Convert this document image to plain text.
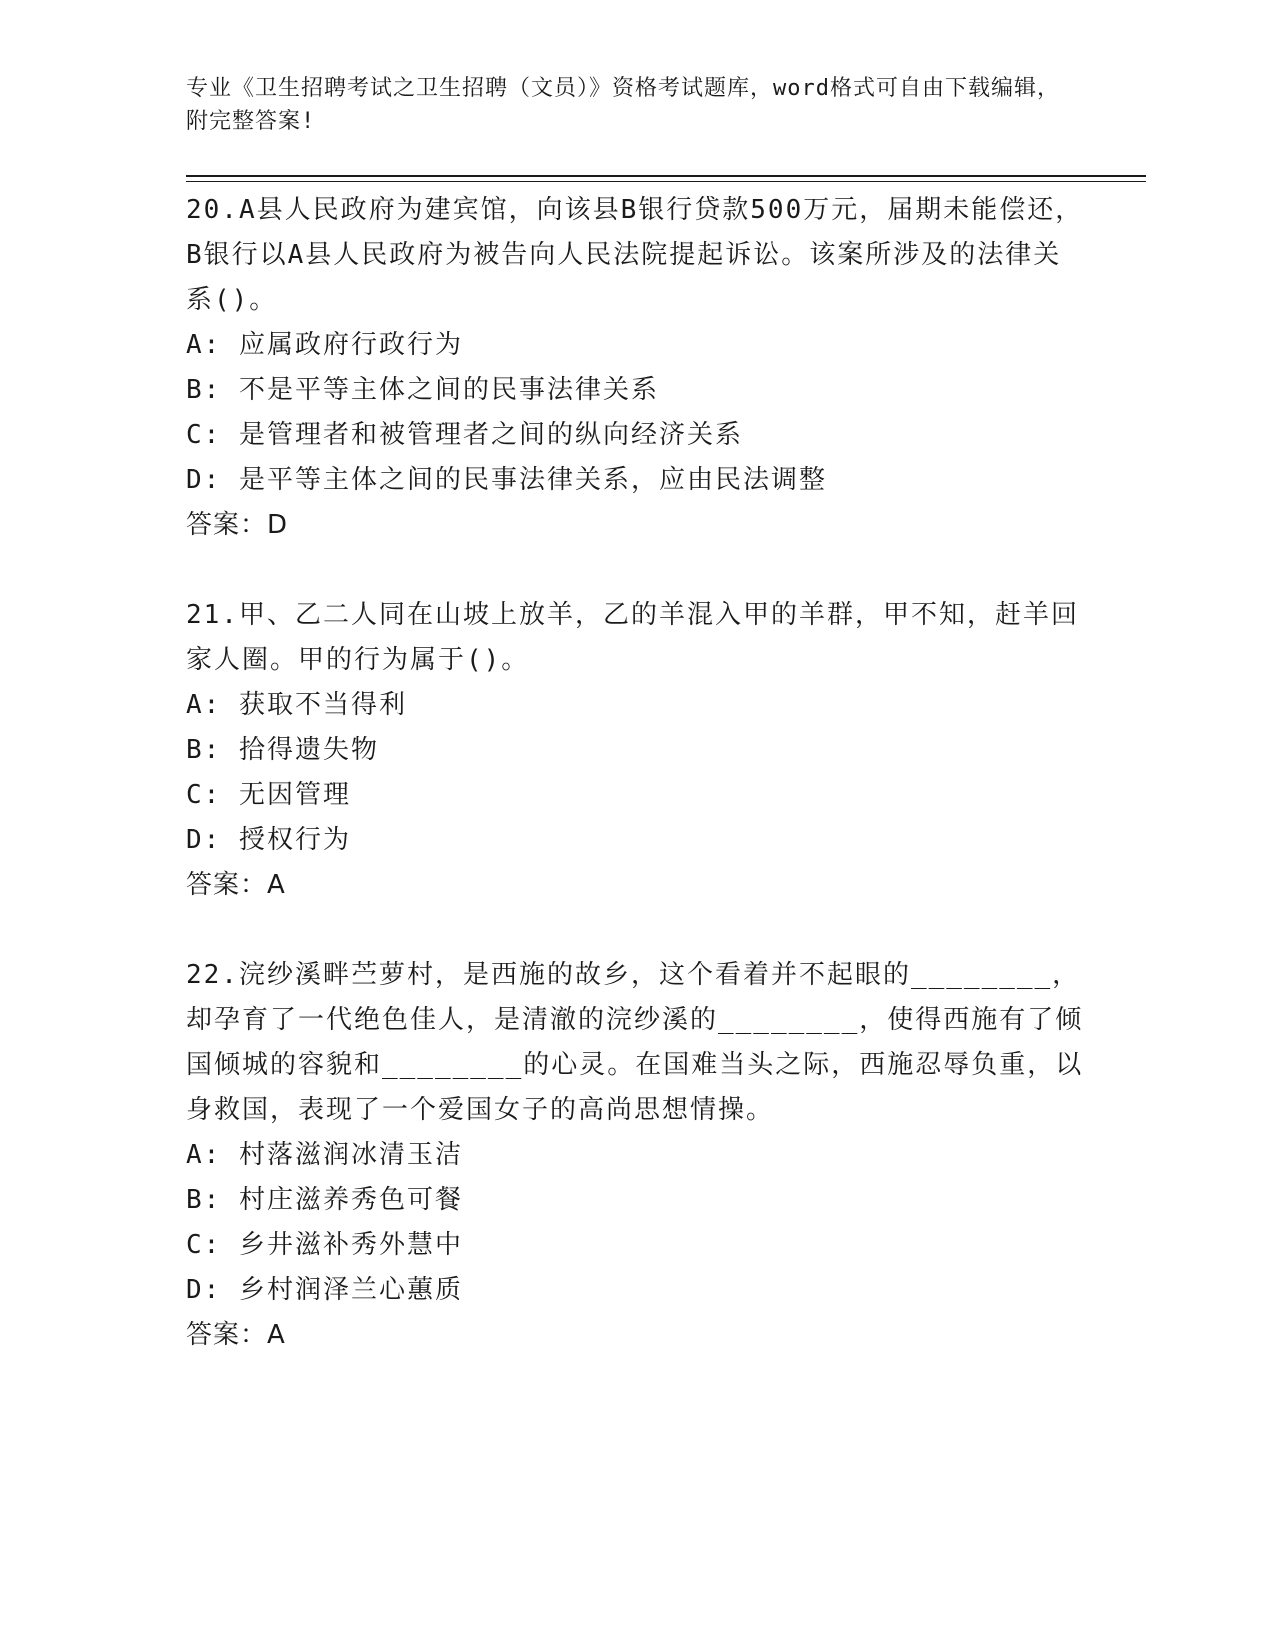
专业《卫生招聘考试之卫生招聘（文员）》资格考试题库，word格式可自由下载编辑，附完整答案!

20.A县人民政府为建宾馆，向该县B银行贷款500万元，届期未能偿还，B银行以A县人民政府为被告向人民法院提起诉讼。该案所涉及的法律关系()。

A: 应属政府行政行为

B: 不是平等主体之间的民事法律关系

C: 是管理者和被管理者之间的纵向经济关系

D: 是平等主体之间的民事法律关系，应由民法调整

答案：D

21.甲、乙二人同在山坡上放羊，乙的羊混入甲的羊群，甲不知，赶羊回家人圈。甲的行为属于()。

A: 获取不当得利

B: 拾得遗失物

C: 无因管理

D: 授权行为

答案：A

22.浣纱溪畔苎萝村，是西施的故乡，这个看着并不起眼的________，却孕育了一代绝色佳人，是清澈的浣纱溪的________，使得西施有了倾国倾城的容貌和________的心灵。在国难当头之际，西施忍辱负重，以身救国，表现了一个爱国女子的高尚思想情操。

A: 村落滋润冰清玉洁

B: 村庄滋养秀色可餐

C: 乡井滋补秀外慧中

D: 乡村润泽兰心蕙质

答案：A
